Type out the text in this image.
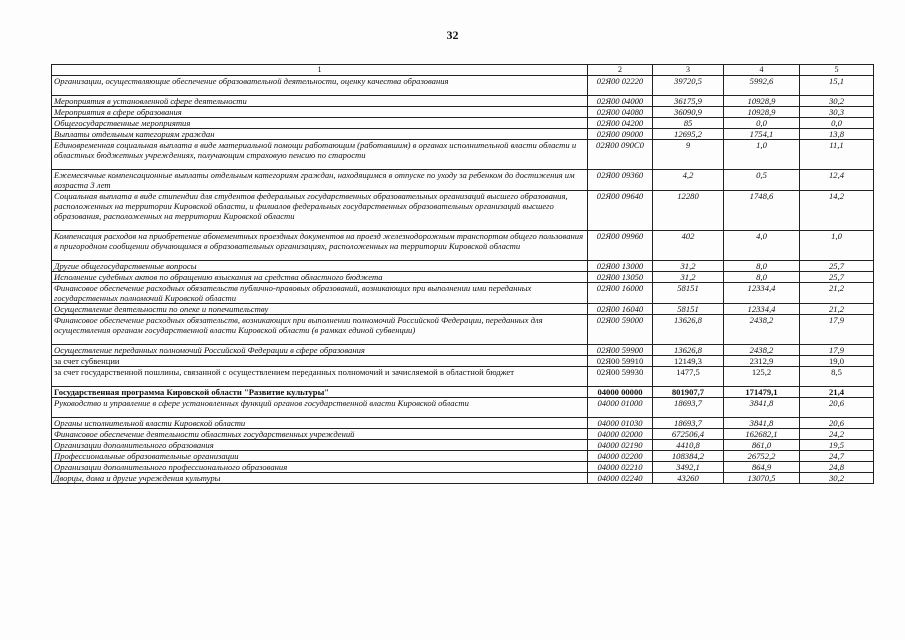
32
1	2	3	4	5
Организации, осуществляющие обеспечение образовательной деятельности, оценку качества образования	02Я00 02220	39720,5	5992,6	15,1
Мероприятия в установленной сфере деятельности	02Я00 04000	36175,9	10928,9	30,2
Мероприятия в сфере образования	02Я00 04080	36090,9	10928,9	30,3
Общегосударственные мероприятия	02Я00 04200	85	0,0	0,0
Выплаты отдельным категориям граждан	02Я00 09000	12695,2	1754,1	13,8
Единовременная социальная выплата в виде материальной помощи работающим (работавшим) в органах исполнительной власти области и областных бюджетных учреждениях, получающим страховую пенсию по старости	02Я00 090С0	9	1,0	11,1
Ежемесячные компенсационные выплаты отдельным категориям граждан, находящимся в отпуске по уходу за ребенком до достижения им возраста 3 лет	02Я00 09360	4,2	0,5	12,4
Социальная выплата в виде стипендии для студентов федеральных государственных образовательных организаций высшего образования, расположенных на территории Кировской области, и филиалов федеральных государственных образовательных организаций высшего образования, расположенных на территории Кировской области	02Я00 09640	12280	1748,6	14,2
Компенсация расходов на приобретение абонементных проездных документов на проезд железнодорожным транспортом общего пользования в пригородном сообщении обучающимся в образовательных организациях, расположенных на территории Кировской области	02Я00 09960	402	4,0	1,0
Другие общегосударственные вопросы	02Я00 13000	31,2	8,0	25,7
Исполнение судебных актов по обращению взыскания на средства областного бюджета	02Я00 13050	31,2	8,0	25,7
Финансовое обеспечение расходных обязательств публично-правовых образований, возникающих при выполнении ими переданных государственных полномочий Кировской области	02Я00 16000	58151	12334,4	21,2
Осуществление деятельности по опеке и попечительству	02Я00 16040	58151	12334,4	21,2
Финансовое обеспечение расходных обязательств, возникающих при выполнении полномочий Российской Федерации, переданных для осуществления органам государственной власти Кировской области (в рамках единой субвенции)	02Я00 59000	13626,8	2438,2	17,9
Осуществление переданных полномочий Российской Федерации в сфере образования	02Я00 59900	13626,8	2438,2	17,9
за счет субвенции	02Я00 59910	12149,3	2312,9	19,0
за счет государственной пошлины, связанной с осуществлением переданных полномочий и зачисляемой в областной бюджет	02Я00 59930	1477,5	125,2	8,5
Государственная программа Кировской области "Развитие культуры"	04000 00000	801907,7	171479,1	21,4
Руководство и управление в сфере установленных функций органов государственной власти Кировской области	04000 01000	18693,7	3841,8	20,6
Органы исполнительной власти Кировской области	04000 01030	18693,7	3841,8	20,6
Финансовое обеспечение деятельности областных государственных учреждений	04000 02000	672506,4	162682,1	24,2
Организации дополнительного образования	04000 02190	4410,8	861,0	19,5
Профессиональные образовательные организации	04000 02200	108384,2	26752,2	24,7
Организации дополнительного профессионального образования	04000 02210	3492,1	864,9	24,8
Дворцы, дома и другие учреждения культуры	04000 02240	43260	13070,5	30,2
